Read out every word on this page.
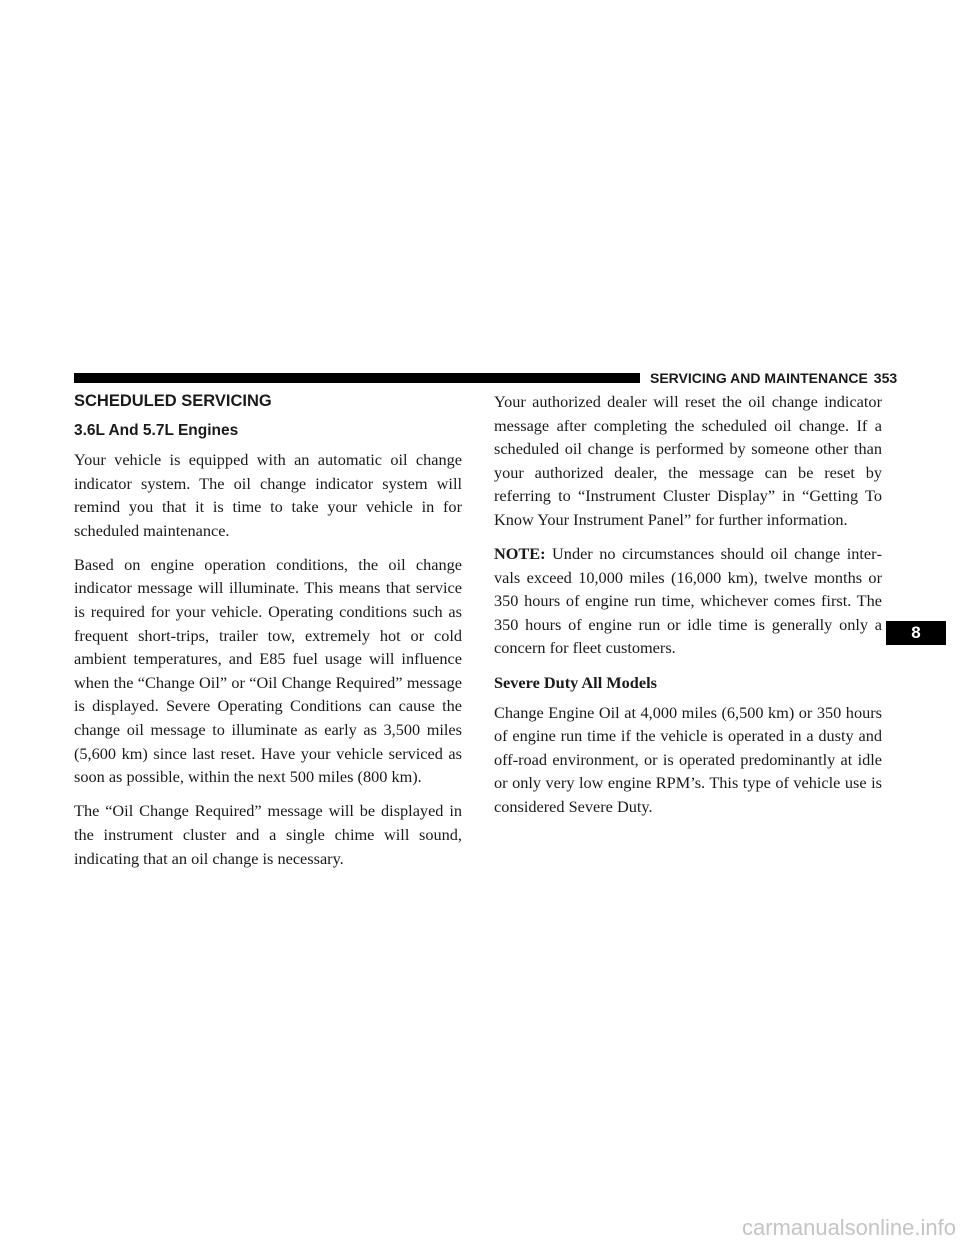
SERVICING AND MAINTENANCE 353
SCHEDULED SERVICING
3.6L And 5.7L Engines

Your vehicle is equipped with an automatic oil change indicator system. The oil change indicator system will remind you that it is time to take your vehicle in for scheduled maintenance.

Based on engine operation conditions, the oil change indicator message will illuminate. This means that service is required for your vehicle. Operating conditions such as frequent short-trips, trailer tow, extremely hot or cold ambient temperatures, and E85 fuel usage will influence when the “Change Oil” or “Oil Change Required” message is displayed. Severe Operating Conditions can cause the change oil message to illuminate as early as 3,500 miles (5,600 km) since last reset. Have your vehicle serviced as soon as possible, within the next 500 miles (800 km).

The “Oil Change Required” message will be displayed in the instrument cluster and a single chime will sound, indicating that an oil change is necessary.

Your authorized dealer will reset the oil change indicator message after completing the scheduled oil change. If a scheduled oil change is performed by someone other than your authorized dealer, the message can be reset by referring to “Instrument Cluster Display” in “Getting To Know Your Instrument Panel” for further information.

NOTE: Under no circumstances should oil change intervals exceed 10,000 miles (16,000 km), twelve months or 350 hours of engine run time, whichever comes first. The 350 hours of engine run or idle time is generally only a concern for fleet customers.

Severe Duty All Models

Change Engine Oil at 4,000 miles (6,500 km) or 350 hours of engine run time if the vehicle is operated in a dusty and off-road environment, or is operated predominantly at idle or only very low engine RPM’s. This type of vehicle use is considered Severe Duty.

8
carmanualsonline.info
